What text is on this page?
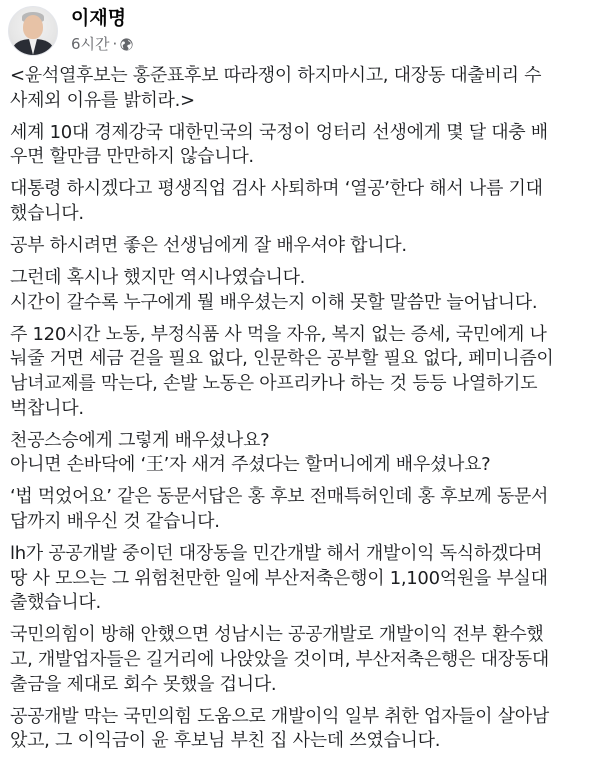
이재명
6시간 ·

<윤석열후보는 홍준표후보 따라쟁이 하지마시고, 대장동 대출비리 수
사제외 이유를 밝히라.>

세계 10대 경제강국 대한민국의 국정이 엉터리 선생에게 몇 달 대충 배
우면 할만큼 만만하지 않습니다.

대통령 하시겠다고 평생직업 검사 사퇴하며 ‘열공’한다 해서 나름 기대
했습니다.

공부 하시려면 좋은 선생님에게 잘 배우셔야 합니다.

그런데 혹시나 했지만 역시나였습니다.
시간이 갈수록 누구에게 뭘 배우셨는지 이해 못할 말씀만 늘어납니다.

주 120시간 노동, 부정식품 사 먹을 자유, 복지 없는 증세, 국민에게 나
눠줄 거면 세금 걷을 필요 없다, 인문학은 공부할 필요 없다, 페미니즘이
남녀교제를 막는다, 손발 노동은 아프리카나 하는 것 등등 나열하기도
벅찹니다.

천공스승에게 그렇게 배우셨나요?
아니면 손바닥에 ‘王’자 새겨 주셨다는 할머니에게 배우셨나요?

‘법 먹었어요’ 같은 동문서답은 홍 후보 전매특허인데 홍 후보께 동문서
답까지 배우신 것 같습니다.

lh가 공공개발 중이던 대장동을 민간개발 해서 개발이익 독식하겠다며
땅 사 모으는 그 위험천만한 일에 부산저축은행이 1,100억원을 부실대
출했습니다.

국민의힘이 방해 안했으면 성남시는 공공개발로 개발이익 전부 환수했
고, 개발업자들은 길거리에 나앉았을 것이며, 부산저축은행은 대장동대
출금을 제대로 회수 못했을 겁니다.

공공개발 막는 국민의힘 도움으로 개발이익 일부 취한 업자들이 살아남
았고, 그 이익금이 윤 후보님 부친 집 사는데 쓰였습니다.
